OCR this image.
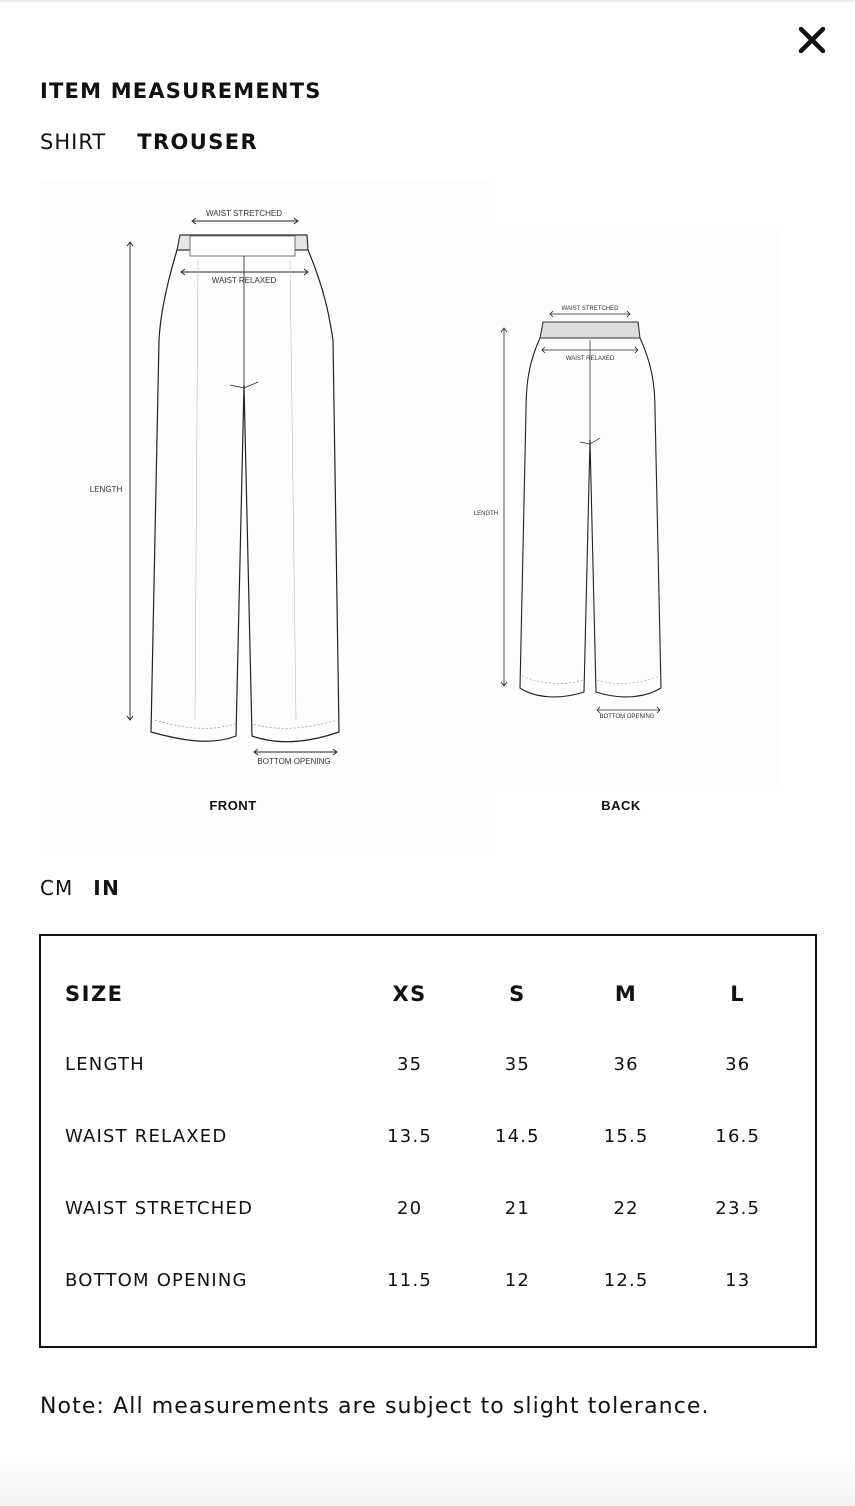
ITEM MEASUREMENTS
SHIRT TROUSER
WAIST STRETCHED
WAIST RELAXED
LENGTH
BOTTOM OPENING
FRONT
WAIST STRETCHED
WAIST RELAXED
LENGTH
BOTTOM OPENING
BACK
CM IN
SIZE	XS	S	M	L
LENGTH	35	35	36	36
WAIST RELAXED	13.5	14.5	15.5	16.5
WAIST STRETCHED	20	21	22	23.5
BOTTOM OPENING	11.5	12	12.5	13
Note: All measurements are subject to slight tolerance.
